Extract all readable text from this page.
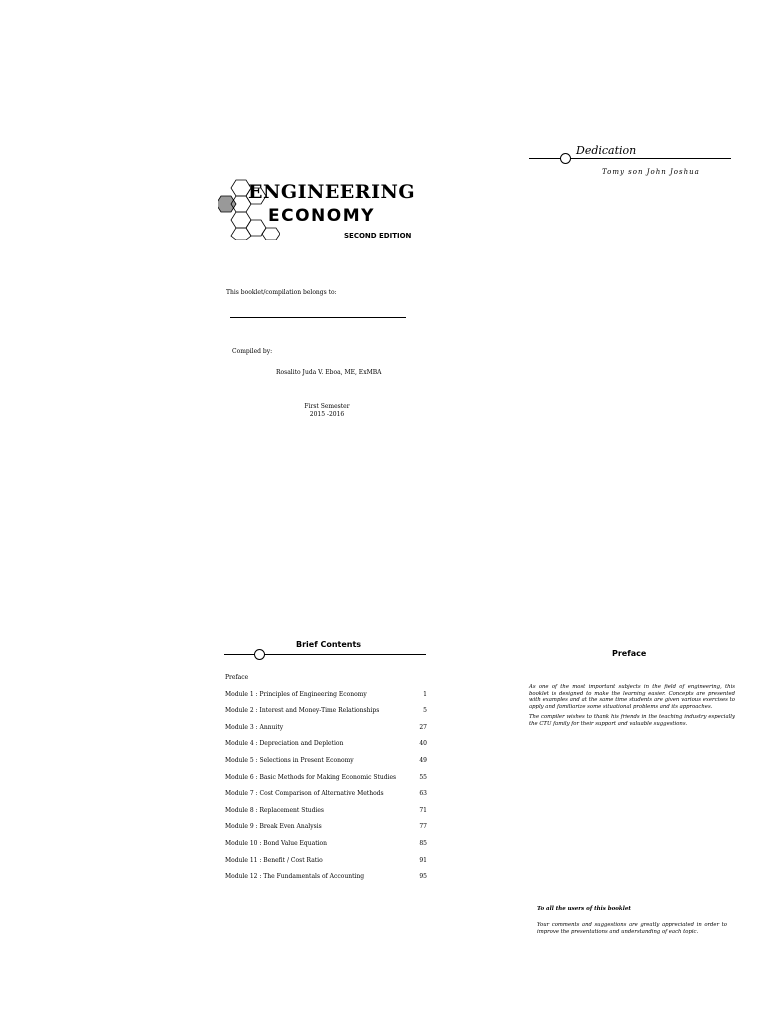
ENGINEERING
ECONOMY
SECOND EDITION
This booklet/compilation belongs to:
Compiled by:
Rosalito Juda V. Eboa, ME, ExMBA
First Semester
2015 -2016
Dedication
Tomy son John Joshua
Brief Contents
Preface
Module 1 : Principles of Engineering Economy	1
Module 2 : Interest and Money-Time Relationships	5
Module 3 : Annuity	27
Module 4 : Depreciation and Depletion	40
Module 5 : Selections in Present Economy	49
Module 6 : Basic Methods for Making Economic Studies	55
Module 7 : Cost Comparison of Alternative Methods	63
Module 8 : Replacement Studies	71
Module 9 : Break Even Analysis	77
Module 10 : Bond Value Equation	85
Module 11 : Benefit / Cost Ratio	91
Module 12 : The Fundamentals of Accounting	95
Preface

As one of the most important subjects in the field of engineering, this booklet is designed to make the learning easier. Concepts are presented with examples and at the same time students are given various exercises to apply and familiarize some situational problems and its approaches.

The compiler wishes to thank his friends in the teaching industry especially the CTU family for their support and valuable suggestions.

To all the users of this booklet
Your comments and suggestions are greatly appreciated in order to improve the presentations and understanding of each topic.
